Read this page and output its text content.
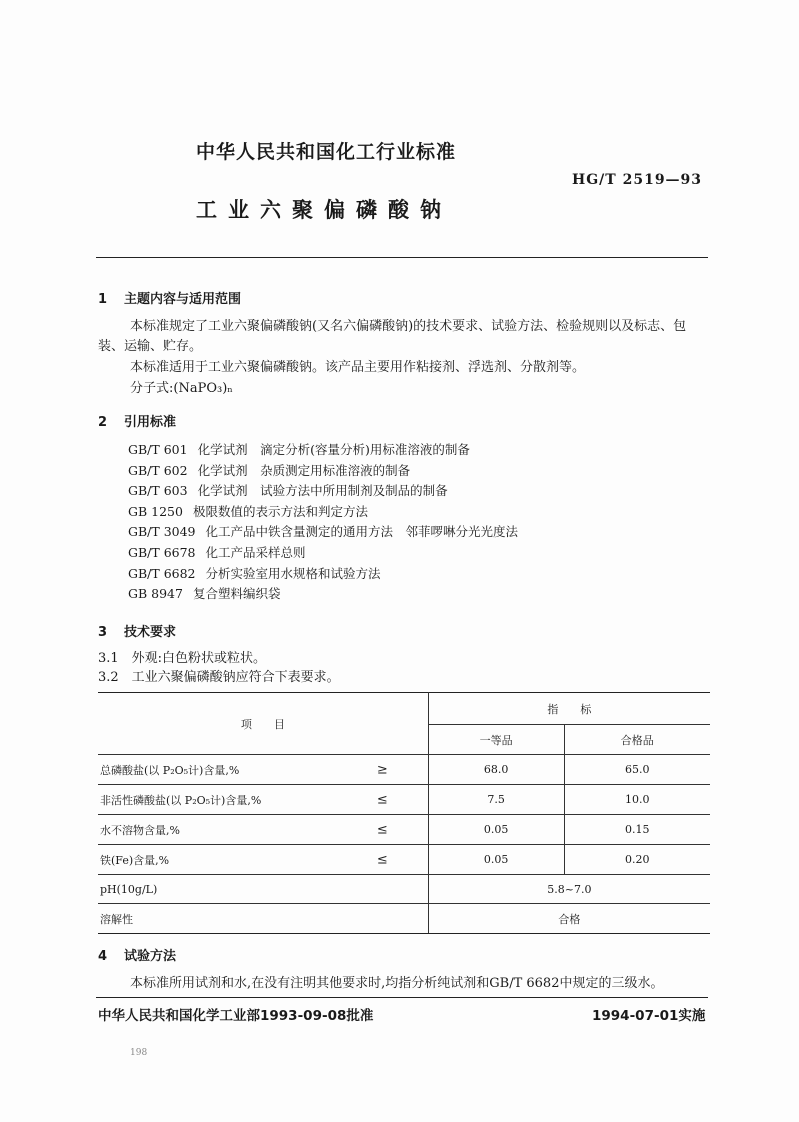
中华人民共和国化工行业标准
HG/T 2519—93
工业六聚偏磷酸钠
1 主题内容与适用范围
本标准规定了工业六聚偏磷酸钠(又名六偏磷酸钠)的技术要求、试验方法、检验规则以及标志、包
装、运输、贮存。
本标准适用于工业六聚偏磷酸钠。该产品主要用作粘接剂、浮选剂、分散剂等。
分子式:(NaPO₃)ₙ
2 引用标准
GB/T 601 化学试剂　滴定分析(容量分析)用标准溶液的制备
GB/T 602 化学试剂　杂质测定用标准溶液的制备
GB/T 603 化学试剂　试验方法中所用制剂及制品的制备
GB 1250 极限数值的表示方法和判定方法
GB/T 3049 化工产品中铁含量测定的通用方法　邻菲啰啉分光光度法
GB/T 6678 化工产品采样总则
GB/T 6682 分析实验室用水规格和试验方法
GB 8947 复合塑料编织袋
3 技术要求
3.1　外观:白色粉状或粒状。
3.2　工业六聚偏磷酸钠应符合下表要求。
项　　目	指　　标	
	一等品	合格品
总磷酸盐(以 P₂O₅计)含量,%	≥	68.0	65.0
非活性磷酸盐(以 P₂O₅计)含量,%	≤	7.5	10.0
水不溶物含量,%	≤	0.05	0.15
铁(Fe)含量,%	≤	0.05	0.20
pH(10g/L)	5.8~7.0	
溶解性	合格	
4 试验方法
本标准所用试剂和水,在没有注明其他要求时,均指分析纯试剂和GB/T 6682中规定的三级水。
中华人民共和国化学工业部1993-09-08批准	1994-07-01实施
198
